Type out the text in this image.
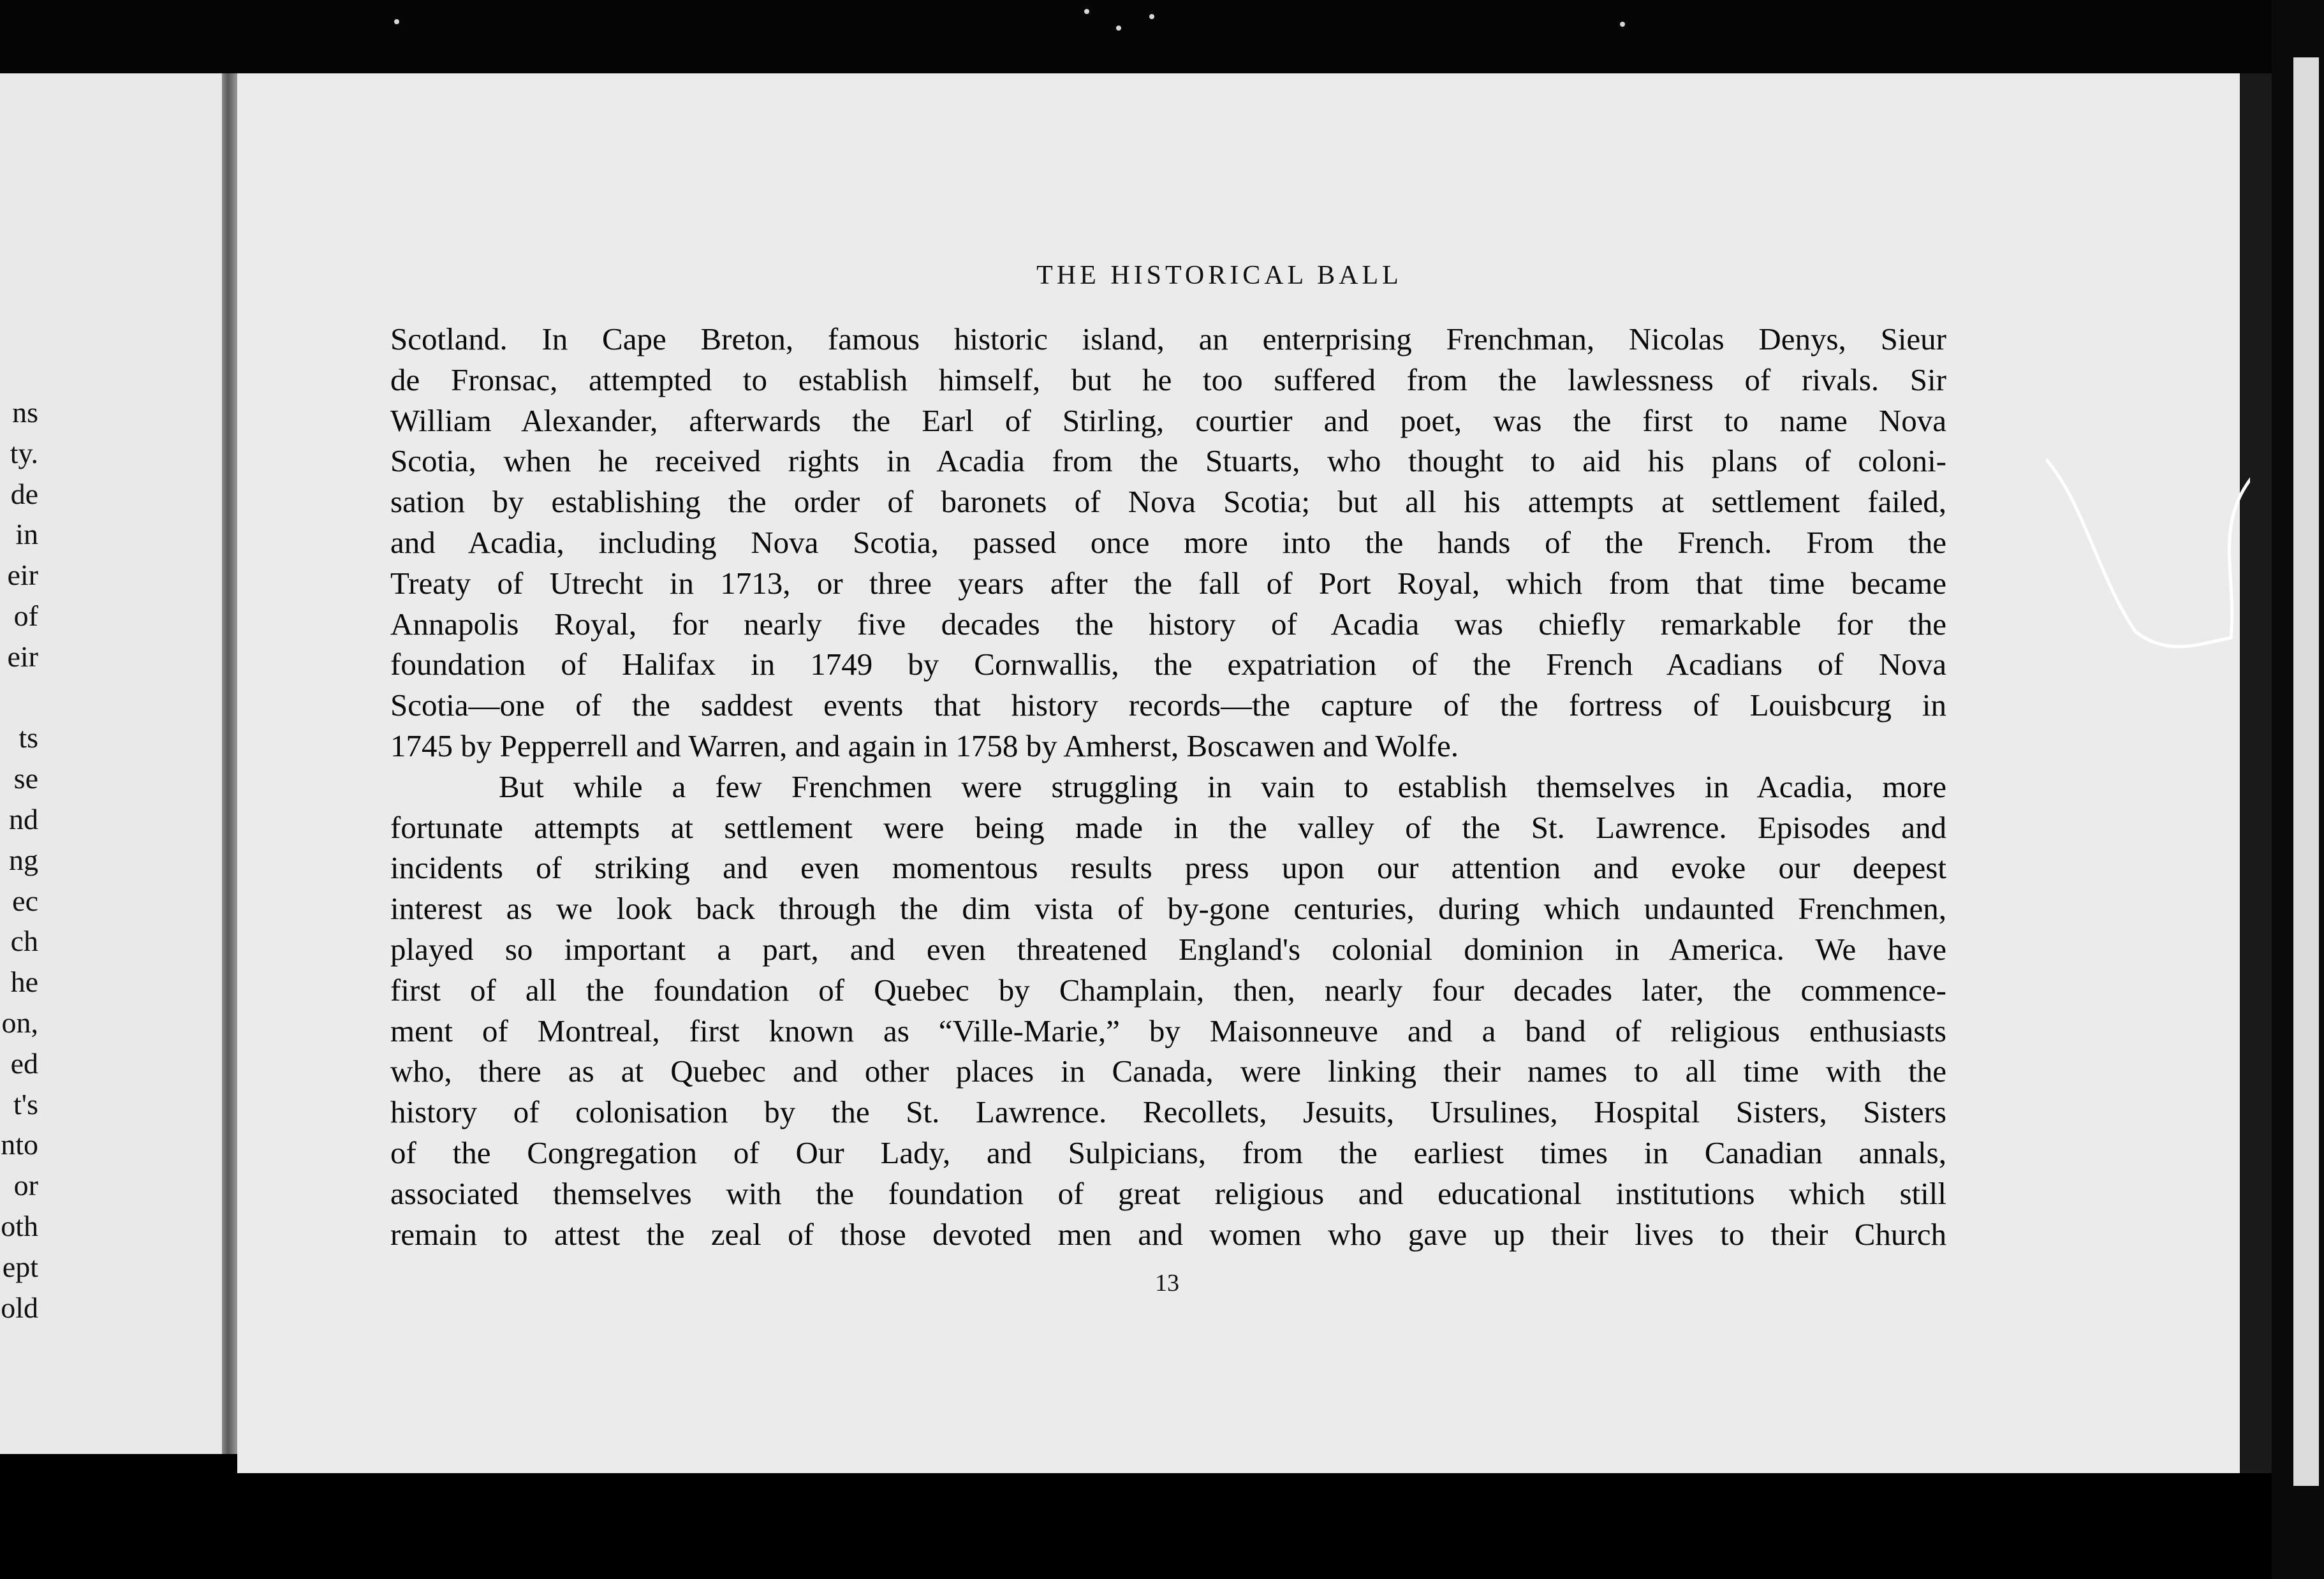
ns
ty.
de
in
eir
of
eir
ts
se
nd
ng
ec
ch
he
on,
ed
t's
nto
or
oth
ept
old
THE HISTORICAL BALL
Scotland. In Cape Breton, famous historic island, an enterprising Frenchman, Nicolas Denys, Sieur
de Fronsac, attempted to establish himself, but he too suffered from the lawlessness of rivals. Sir
William Alexander, afterwards the Earl of Stirling, courtier and poet, was the first to name Nova
Scotia, when he received rights in Acadia from the Stuarts, who thought to aid his plans of coloni-
sation by establishing the order of baronets of Nova Scotia; but all his attempts at settlement failed,
and Acadia, including Nova Scotia, passed once more into the hands of the French. From the
Treaty of Utrecht in 1713, or three years after the fall of Port Royal, which from that time became
Annapolis Royal, for nearly five decades the history of Acadia was chiefly remarkable for the
foundation of Halifax in 1749 by Cornwallis, the expatriation of the French Acadians of Nova
Scotia—one of the saddest events that history records—the capture of the fortress of Louisbcurg in
1745 by Pepperrell and Warren, and again in 1758 by Amherst, Boscawen and Wolfe.
But while a few Frenchmen were struggling in vain to establish themselves in Acadia, more
fortunate attempts at settlement were being made in the valley of the St. Lawrence. Episodes and
incidents of striking and even momentous results press upon our attention and evoke our deepest
interest as we look back through the dim vista of by-gone centuries, during which undaunted Frenchmen,
played so important a part, and even threatened England's colonial dominion in America. We have
first of all the foundation of Quebec by Champlain, then, nearly four decades later, the commence-
ment of Montreal, first known as “Ville-Marie,” by Maisonneuve and a band of religious enthusiasts
who, there as at Quebec and other places in Canada, were linking their names to all time with the
history of colonisation by the St. Lawrence. Recollets, Jesuits, Ursulines, Hospital Sisters, Sisters
of the Congregation of Our Lady, and Sulpicians, from the earliest times in Canadian annals,
associated themselves with the foundation of great religious and educational institutions which still
remain to attest the zeal of those devoted men and women who gave up their lives to their Church
13
